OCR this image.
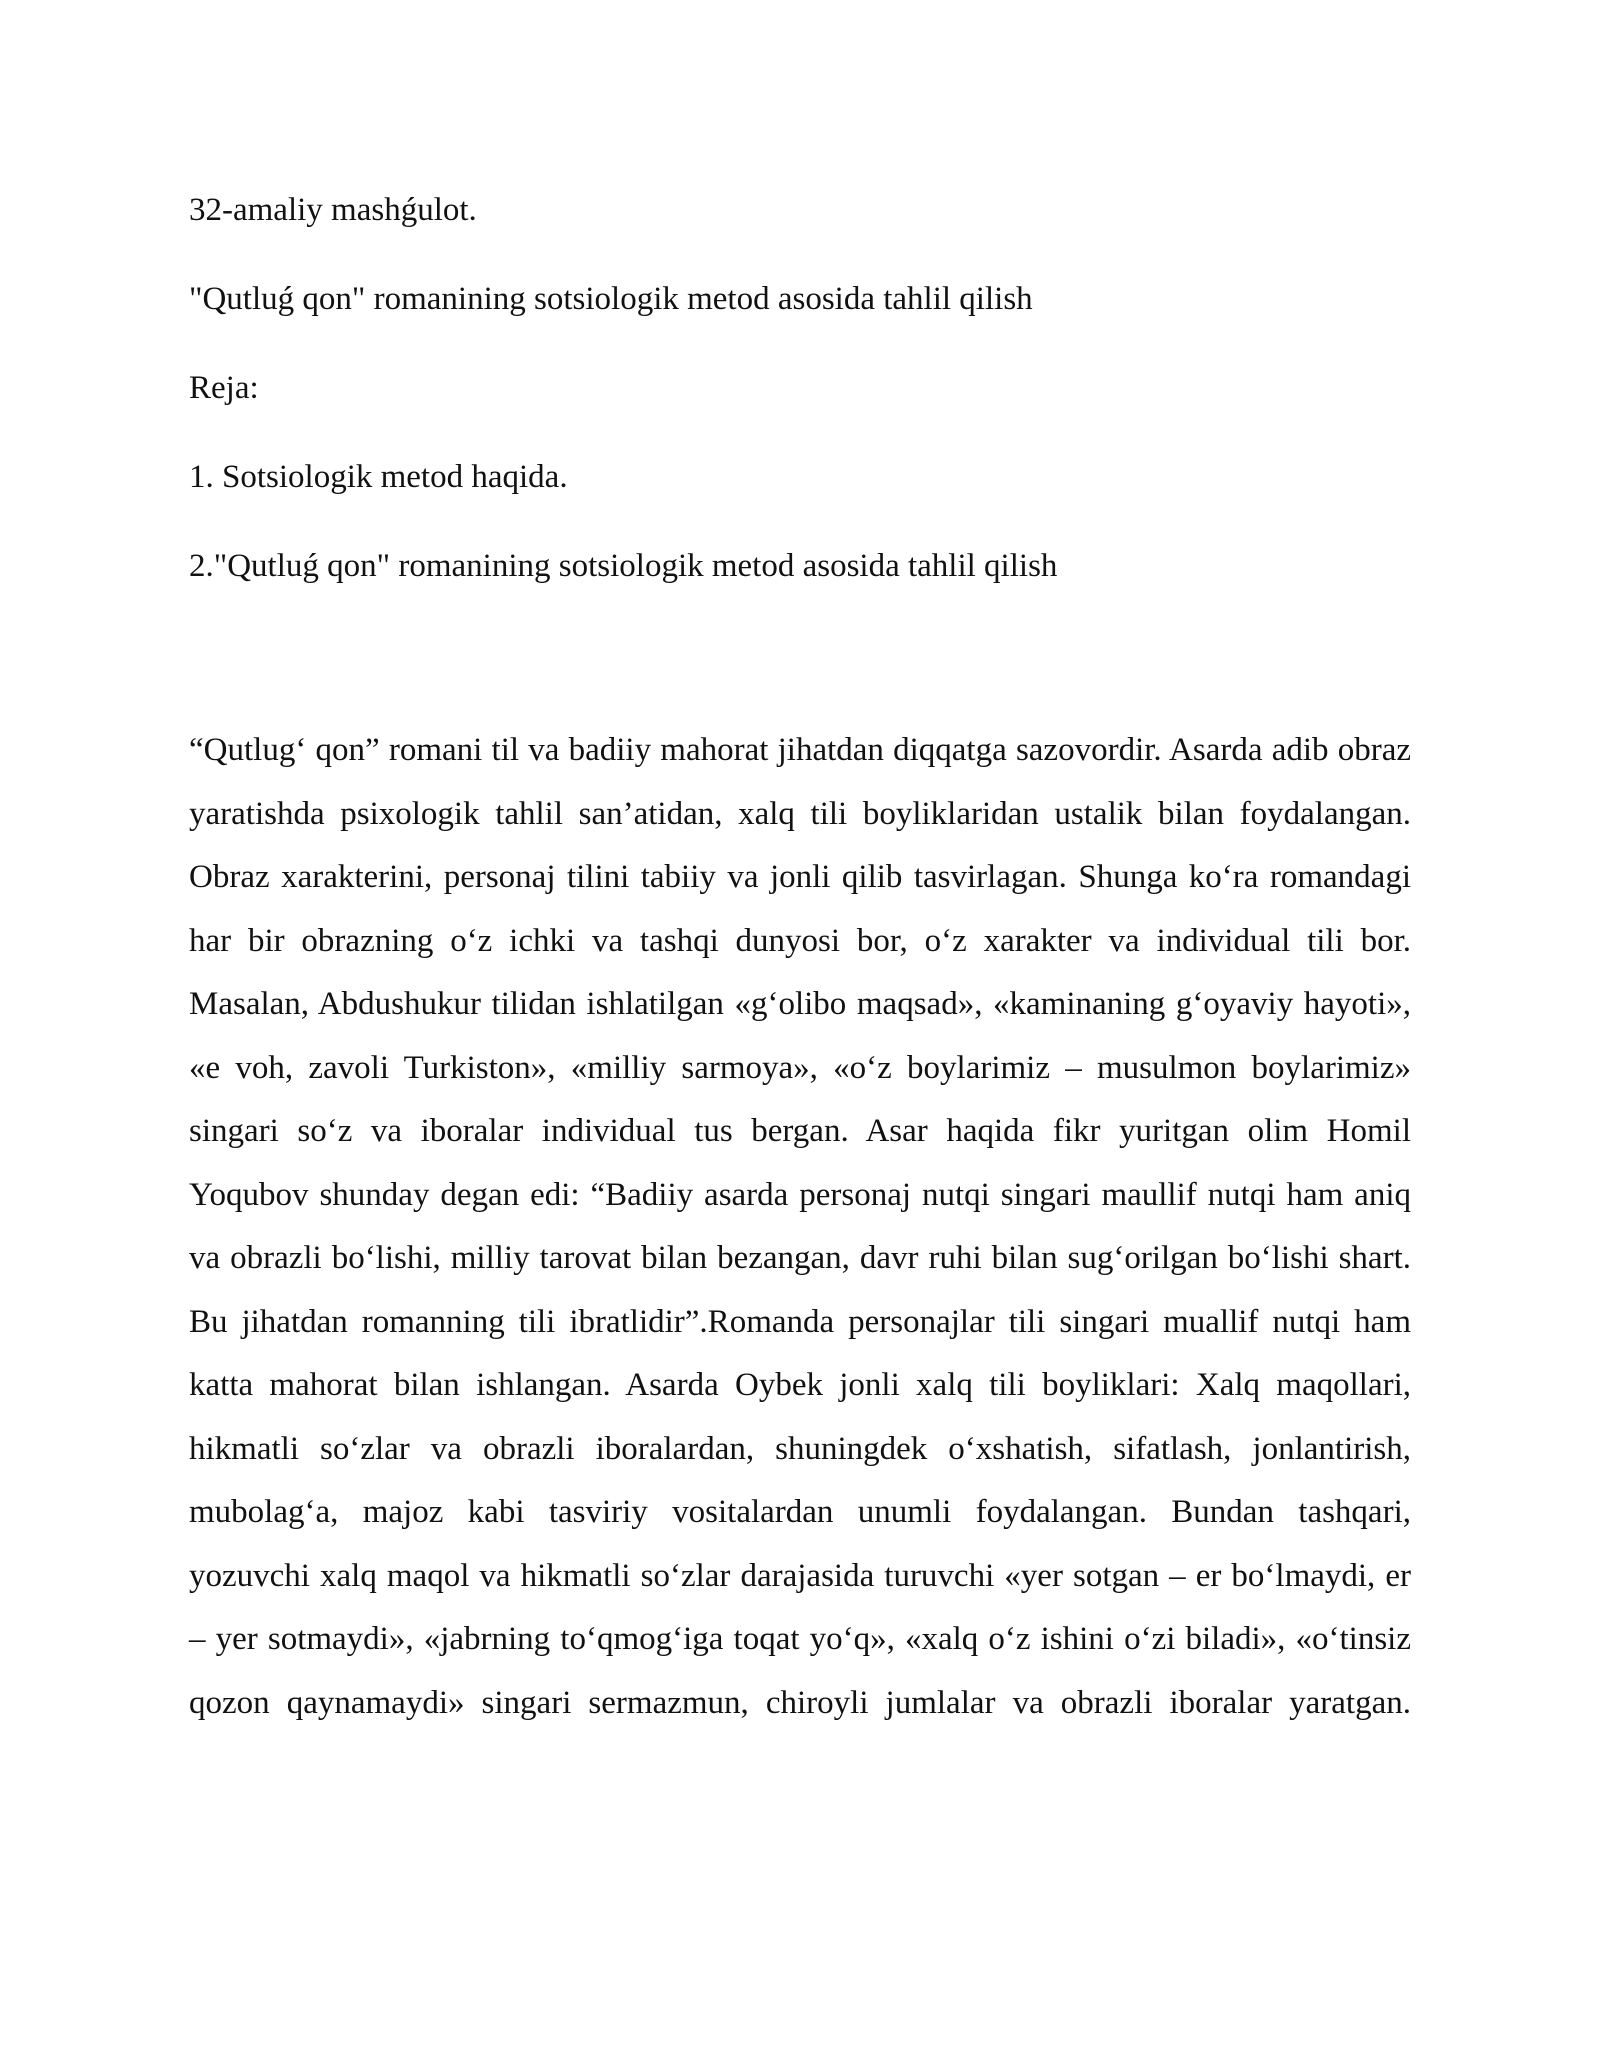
32-amaliy mashǵulot.
"Qutluǵ qon" romanining sotsiologik metod asosida tahlil qilish

Reja:

1. Sotsiologik metod haqida.

2."Qutluǵ qon" romanining sotsiologik metod asosida tahlil qilish

“Qutlugʻ qon” romani til va badiiy mahorat jihatdan diqqatga sazovordir. Asarda adib obraz yaratishda psixologik tahlil san’atidan, xalq tili boyliklaridan ustalik bilan foydalangan. Obraz xarakterini, personaj tilini tabiiy va jonli qilib tasvirlagan. Shunga koʻra romandagi har bir obrazning oʻz ichki va tashqi dunyosi bor, oʻz xarakter va individual tili bor. Masalan, Abdushukur tilidan ishlatilgan «gʻolibo maqsad», «kaminaning gʻoyaviy hayoti», «e voh, zavoli Turkiston», «milliy sarmoya», «oʻz boylarimiz – musulmon boylarimiz» singari soʻz va iboralar individual tus bergan. Asar haqida fikr yuritgan olim Homil Yoqubov shunday degan edi: “Badiiy asarda personaj nutqi singari maullif nutqi ham aniq va obrazli boʻlishi, milliy tarovat bilan bezangan, davr ruhi bilan sugʻorilgan boʻlishi shart. Bu jihatdan romanning tili ibratlidir”.Romanda personajlar tili singari muallif nutqi ham katta mahorat bilan ishlangan. Asarda Oybek jonli xalq tili boyliklari: Xalq maqollari, hikmatli soʻzlar va obrazli iboralardan, shuningdek oʻxshatish, sifatlash, jonlantirish, mubolagʻa, majoz kabi tasviriy vositalardan unumli foydalangan. Bundan tashqari, yozuvchi xalq maqol va hikmatli soʻzlar darajasida turuvchi «yer sotgan – er boʻlmaydi, er – yer sotmaydi», «jabrning toʻqmogʻiga toqat yoʻq», «xalq oʻz ishini oʻzi biladi», «oʻtinsiz qozon qaynamaydi» singari sermazmun, chiroyli jumlalar va obrazli iboralar yaratgan.
